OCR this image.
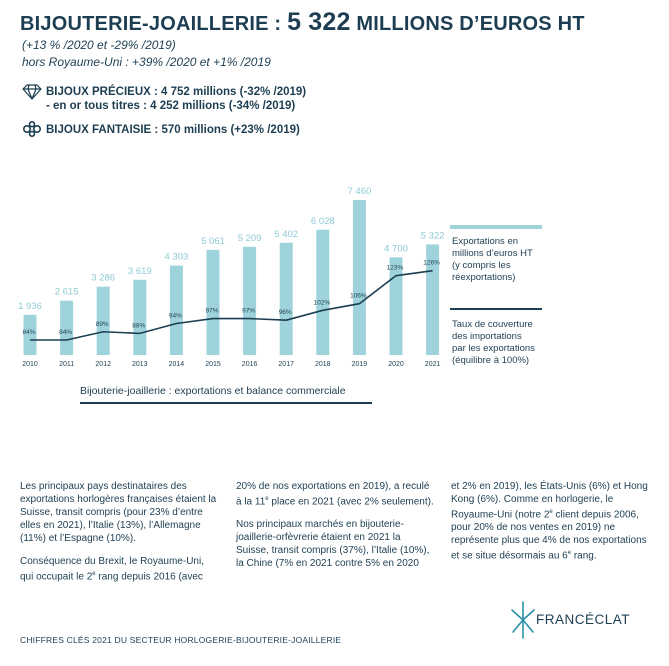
BIJOUTERIE-JOAILLERIE : 5 322 MILLIONS D’EUROS HT
(+13 % /2020 et -29% /2019)
hors Royaume-Uni : +39% /2020 et +1% /2019
BIJOUX PRÉCIEUX : 4 752 millions (-32% /2019)
- en or tous titres : 4 252 millions (-34% /2019)
BIJOUX FANTAISIE : 570 millions (+23% /2019)
1 936
2 615
3 286
3 619
4 303
5 061 5 209 5 402
6 028
7 460
4 700
5 322
84%	84%
89%	88%
94%
97%	97%	96%
102%
106%
123%
126%
2010	2011	2012	2013	2014	2015	2016	2017	2018	2019	2020	2021
Exportations en
millions d’euros HT
(y compris les
réexportations)
Taux de couverture
des importations
par les exportations
(équilibre à 100%)
Bijouterie-joaillerie : exportations et balance commerciale

Les principaux pays destinataires des exportations horlogères françaises étaient la Suisse, transit compris (pour 23% d’entre elles en 2021), l’Italie (13%), l’Allemagne (11%) et l’Espagne (10%).

Conséquence du Brexit, le Royaume-Uni, qui occupait le 2e rang depuis 2016 (avec

20% de nos exportations en 2019), a reculé à la 11e place en 2021 (avec 2% seulement).

Nos principaux marchés en bijouterie-joaillerie-orfèvrerie étaient en 2021 la Suisse, transit compris (37%), l’Italie (10%), la Chine (7% en 2021 contre 5% en 2020

et 2% en 2019), les États-Unis (6%) et Hong Kong (6%). Comme en horlogerie, le Royaume-Uni (notre 2e client depuis 2006, pour 20% de nos ventes en 2019) ne représente plus que 4% de nos exportations et se situe désormais au 6e rang.

FRANCÉCLAT
CHIFFRES CLÉS 2021 DU SECTEUR HORLOGERIE-BIJOUTERIE-JOAILLERIE
